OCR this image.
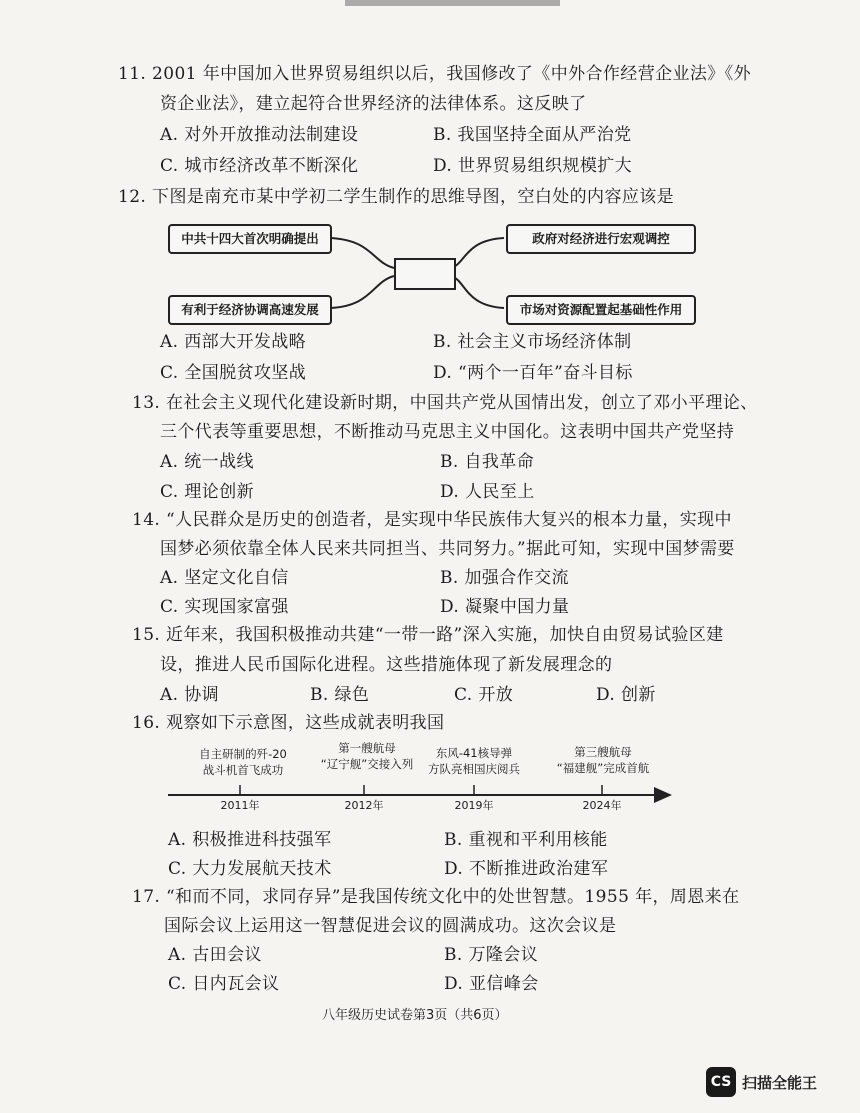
11. 2001 年中国加入世界贸易组织以后，我国修改了《中外合作经营企业法》《外
资企业法》，建立起符合世界经济的法律体系。这反映了
A. 对外开放推动法制建设	B. 我国坚持全面从严治党
C. 城市经济改革不断深化	D. 世界贸易组织规模扩大
12. 下图是南充市某中学初二学生制作的思维导图，空白处的内容应该是
中共十四大首次明确提出
有利于经济协调高速发展
政府对经济进行宏观调控
市场对资源配置起基础性作用
A. 西部大开发战略	B. 社会主义市场经济体制
C. 全国脱贫攻坚战	D. “两个一百年”奋斗目标
13. 在社会主义现代化建设新时期，中国共产党从国情出发，创立了邓小平理论、
三个代表等重要思想，不断推动马克思主义中国化。这表明中国共产党坚持
A. 统一战线	B. 自我革命
C. 理论创新	D. 人民至上
14. “人民群众是历史的创造者，是实现中华民族伟大复兴的根本力量，实现中
国梦必须依靠全体人民来共同担当、共同努力。”据此可知，实现中国梦需要
A. 坚定文化自信	B. 加强合作交流
C. 实现国家富强	D. 凝聚中国力量
15. 近年来，我国积极推动共建“一带一路”深入实施，加快自由贸易试验区建
设，推进人民币国际化进程。这些措施体现了新发展理念的
A. 协调	B. 绿色	C. 开放	D. 创新
16. 观察如下示意图，这些成就表明我国
自主研制的歼-20
战斗机首飞成功
第一艘航母
“辽宁舰”交接入列
东风-41核导弹
方队亮相国庆阅兵
第三艘航母
“福建舰”完成首航
2011年	2012年	2019年	2024年
A. 积极推进科技强军	B. 重视和平利用核能
C. 大力发展航天技术	D. 不断推进政治建军
17. “和而不同，求同存异”是我国传统文化中的处世智慧。1955 年，周恩来在
国际会议上运用这一智慧促进会议的圆满成功。这次会议是
A. 古田会议	B. 万隆会议
C. 日内瓦会议	D. 亚信峰会
八年级历史试卷第3页（共6页）
CS 扫描全能王
